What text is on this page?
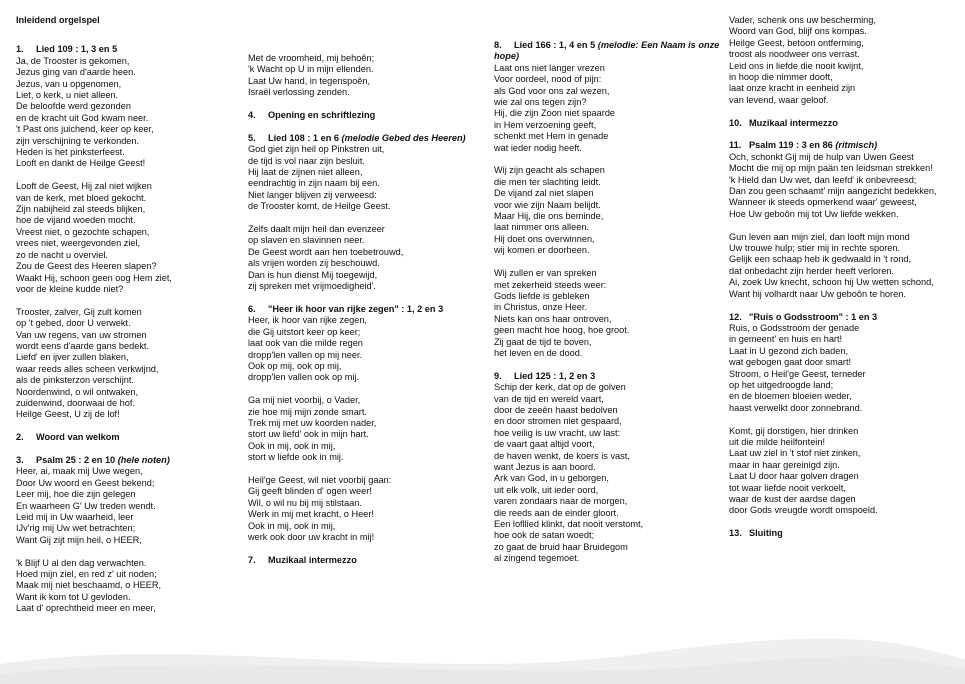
Inleidend orgelspel
1. Lied 109 : 1, 3 en 5
Ja, de Trooster is gekomen,
Jezus ging van d'aarde heen.
Jezus, van u opgenomen,
Liet, o kerk, u niet alleen.
De beloofde werd gezonden
en de kracht uit God kwam neer.
't Past ons juichend, keer op keer,
zijn verschijning te verkonden.
Heden is het pinksterfeest.
Looft en dankt de Heilge Geest!
Looft de Geest, Hij zal niet wijken
van de kerk, met bloed gekocht.
Zijn nabijheid zal steeds blijken,
hoe de vijand woeden mocht.
Vreest niet, o gezochte schapen,
vrees niet, weergevonden ziel,
zo de nacht u overviel.
Zou de Geest des Heeren slapen?
Waakt Hij, schoon geen oog Hem ziet,
voor de kleine kudde niet?
Trooster, zalver, Gij zult komen
op 't gebed, door U verwekt.
Van uw regens, van uw stromen
wordt eens d'aarde gans bedekt.
Liefd' en ijver zullen blaken,
waar reeds alles scheen verkwijnd,
als de pinksterzon verschijnt.
Noordenwind, o wil ontwaken,
zuidenwind, doorwaai de hof.
Heilge Geest, U zij de lof!
2. Woord van welkom
3. Psalm 25 : 2 en 10 (hele noten)
Heer, ai, maak mij Uwe wegen,
Door Uw woord en Geest bekend;
Leer mij, hoe die zijn gelegen
En waarheen G' Uw treden wendt.
Leid mij in Uw waarheid, leer
IJv'rig mij Uw wet betrachten;
Want Gij zijt mijn heil, o HEER,
'k Blijf U al den dag verwachten.
Hoed mijn ziel, en red z' uit noden;
Maak mij niet beschaamd, o HEER,
Want ik kom tot U gevloden.
Laat d' oprechtheid meer en meer,
Met de vroomheid, mij behoên;
'k Wacht op U in mijn ellenden.
Laat Uw hand, in tegenspoên,
Israël verlossing zenden.
4. Opening en schriftlezing
5. Lied 108 : 1 en 6 (melodie Gebed des Heeren)
God giet zijn heil op Pinkstren uit,
de tijd is vol naar zijn besluit.
Hij laat de zijnen niet alleen,
eendrachtig in zijn naam bij een.
Niet langer blijven zij verweesd:
de Trooster komt, de Heilge Geest.
Zelfs daalt mijn heil dan evenzeer
op slaven en slavinnen neer.
De Geest wordt aan hen toebetrouwd,
als vrijen worden zij beschouwd.
Dan is hun dienst Mij toegewijd,
zij spreken met vrijmoedigheid'.
6. "Heer ik hoor van rijke zegen" : 1, 2 en 3
Heer, ik hoor van rijke zegen,
die Gij uitstort keer op keer;
laat ook van die milde regen
dropp'len vallen op mij neer.
Ook op mij, ook op mij,
dropp'len vallen ook op mij.
Ga mij niet voorbij, o Vader,
zie hoe mij mijn zonde smart.
Trek mij met uw koorden nader,
stort uw liefd' ook in mijn hart.
Ook in mij, ook in mij,
stort w liefde ook in mij.
Heil'ge Geest, wil niet voorbij gaan:
Gij geeft blinden d' ogen weer!
Wil, o wil nu bij mij stilstaan.
Werk in mij met kracht, o Heer!
Ook in mij, ook in mij,
werk ook door uw kracht in mij!
7. Muzikaal intermezzo
8. Lied 166 : 1, 4 en 5 (melodie: Een Naam is onze hope)
Laat ons niet langer vrezen
Voor oordeel, nood of pijn:
als God voor ons zal wezen,
wie zal ons tegen zijn?
Hij, die zijn Zoon niet spaarde
in Hem verzoening geeft,
schenkt met Hem in genade
wat ieder nodig heeft.
Wij zijn geacht als schapen
die men ter slachting leidt.
De vijand zal niet slapen
voor wie zijn Naam belijdt.
Maar Hij, die ons beminde,
laat nimmer ons alleen.
Hij doet ons overwinnen,
wij komen er doorheen.
Wij zullen er van spreken
met zekerheid steeds weer:
Gods liefde is gebleken
in Christus, onze Heer.
Niets kan ons haar ontroven,
geen macht hoe hoog, hoe groot.
Zij gaat de tijd te boven,
het leven en de dood.
9. Lied 125 : 1, 2 en 3
Schip der kerk, dat op de golven
van de tijd en wereld vaart,
door de zeeën haast bedolven
en door stromen niet gespaard,
hoe veilig is uw vracht, uw last:
de vaart gaat altijd voort,
de haven wenkt, de koers is vast,
want Jezus is aan boord.
Ark van God, in u geborgen,
uit elk volk, uit ieder oord,
varen zondaars naar de morgen,
die reeds aan de einder gloort.
Een lofllied klinkt, dat nooit verstomt,
hoe ook de satan woedt;
zo gaat de bruid haar Bruidegom
al zingend tegemoet.
Vader, schenk ons uw bescherming,
Woord van God, blijf ons kompas.
Heilge Geest, betoon ontferming,
troost als noodweer ons verrast.
Leid ons in liefde die nooit kwijnt,
in hoop die nimmer dooft,
laat onze kracht in eenheid zijn
van levend, waar geloof.
10. Muzikaal intermezzo
11. Psalm 119 : 3 en 86 (ritmisch)
Och, schonkt Gij mij de hulp van Uwen Geest
Mocht die mij op mijn paän ten leidsman strekken!
'k Hield dan Uw wet, dan leefd' ik onbevreesd;
Dan zou geen schaamt' mijn aangezicht bedekken,
Wanneer ik steeds opmerkend waar' geweest,
Hoe Uw geboôn mij tot Uw liefde wekken.
Gun leven aan mijn ziel, dan looft mijn mond
Uw trouwe hulp; stier mij in rechte sporen.
Gelijk een schaap heb ik gedwaald in 't rond,
dat onbedacht zijn herder heeft verloren.
Ai, zoek Uw knecht, schoon hij Uw wetten schond,
Want hij volhardt naar Uw geboôn te horen.
12. "Ruis o Godsstroom" : 1 en 3
Ruis, o Godsstroom der genade
in gemeent' en huis en hart!
Laat in U gezond zich baden,
wat gebogen gaat door smart!
Stroom, o Heil'ge Geest, terneder
op het uitgedroogde land;
en de bloemen bloeien weder,
haast verwelkt door zonnebrand.
Komt, gij dorstigen, hier drinken
uit die milde heilfontein!
Laat uw ziel in 't stof niet zinken,
maar in haar gereinigd zijn.
Laat U door haar golven dragen
tot waar liefde nooit verkoelt,
waar de kust der aardse dagen
door Gods vreugde wordt omspoeld.
13. Sluiting
